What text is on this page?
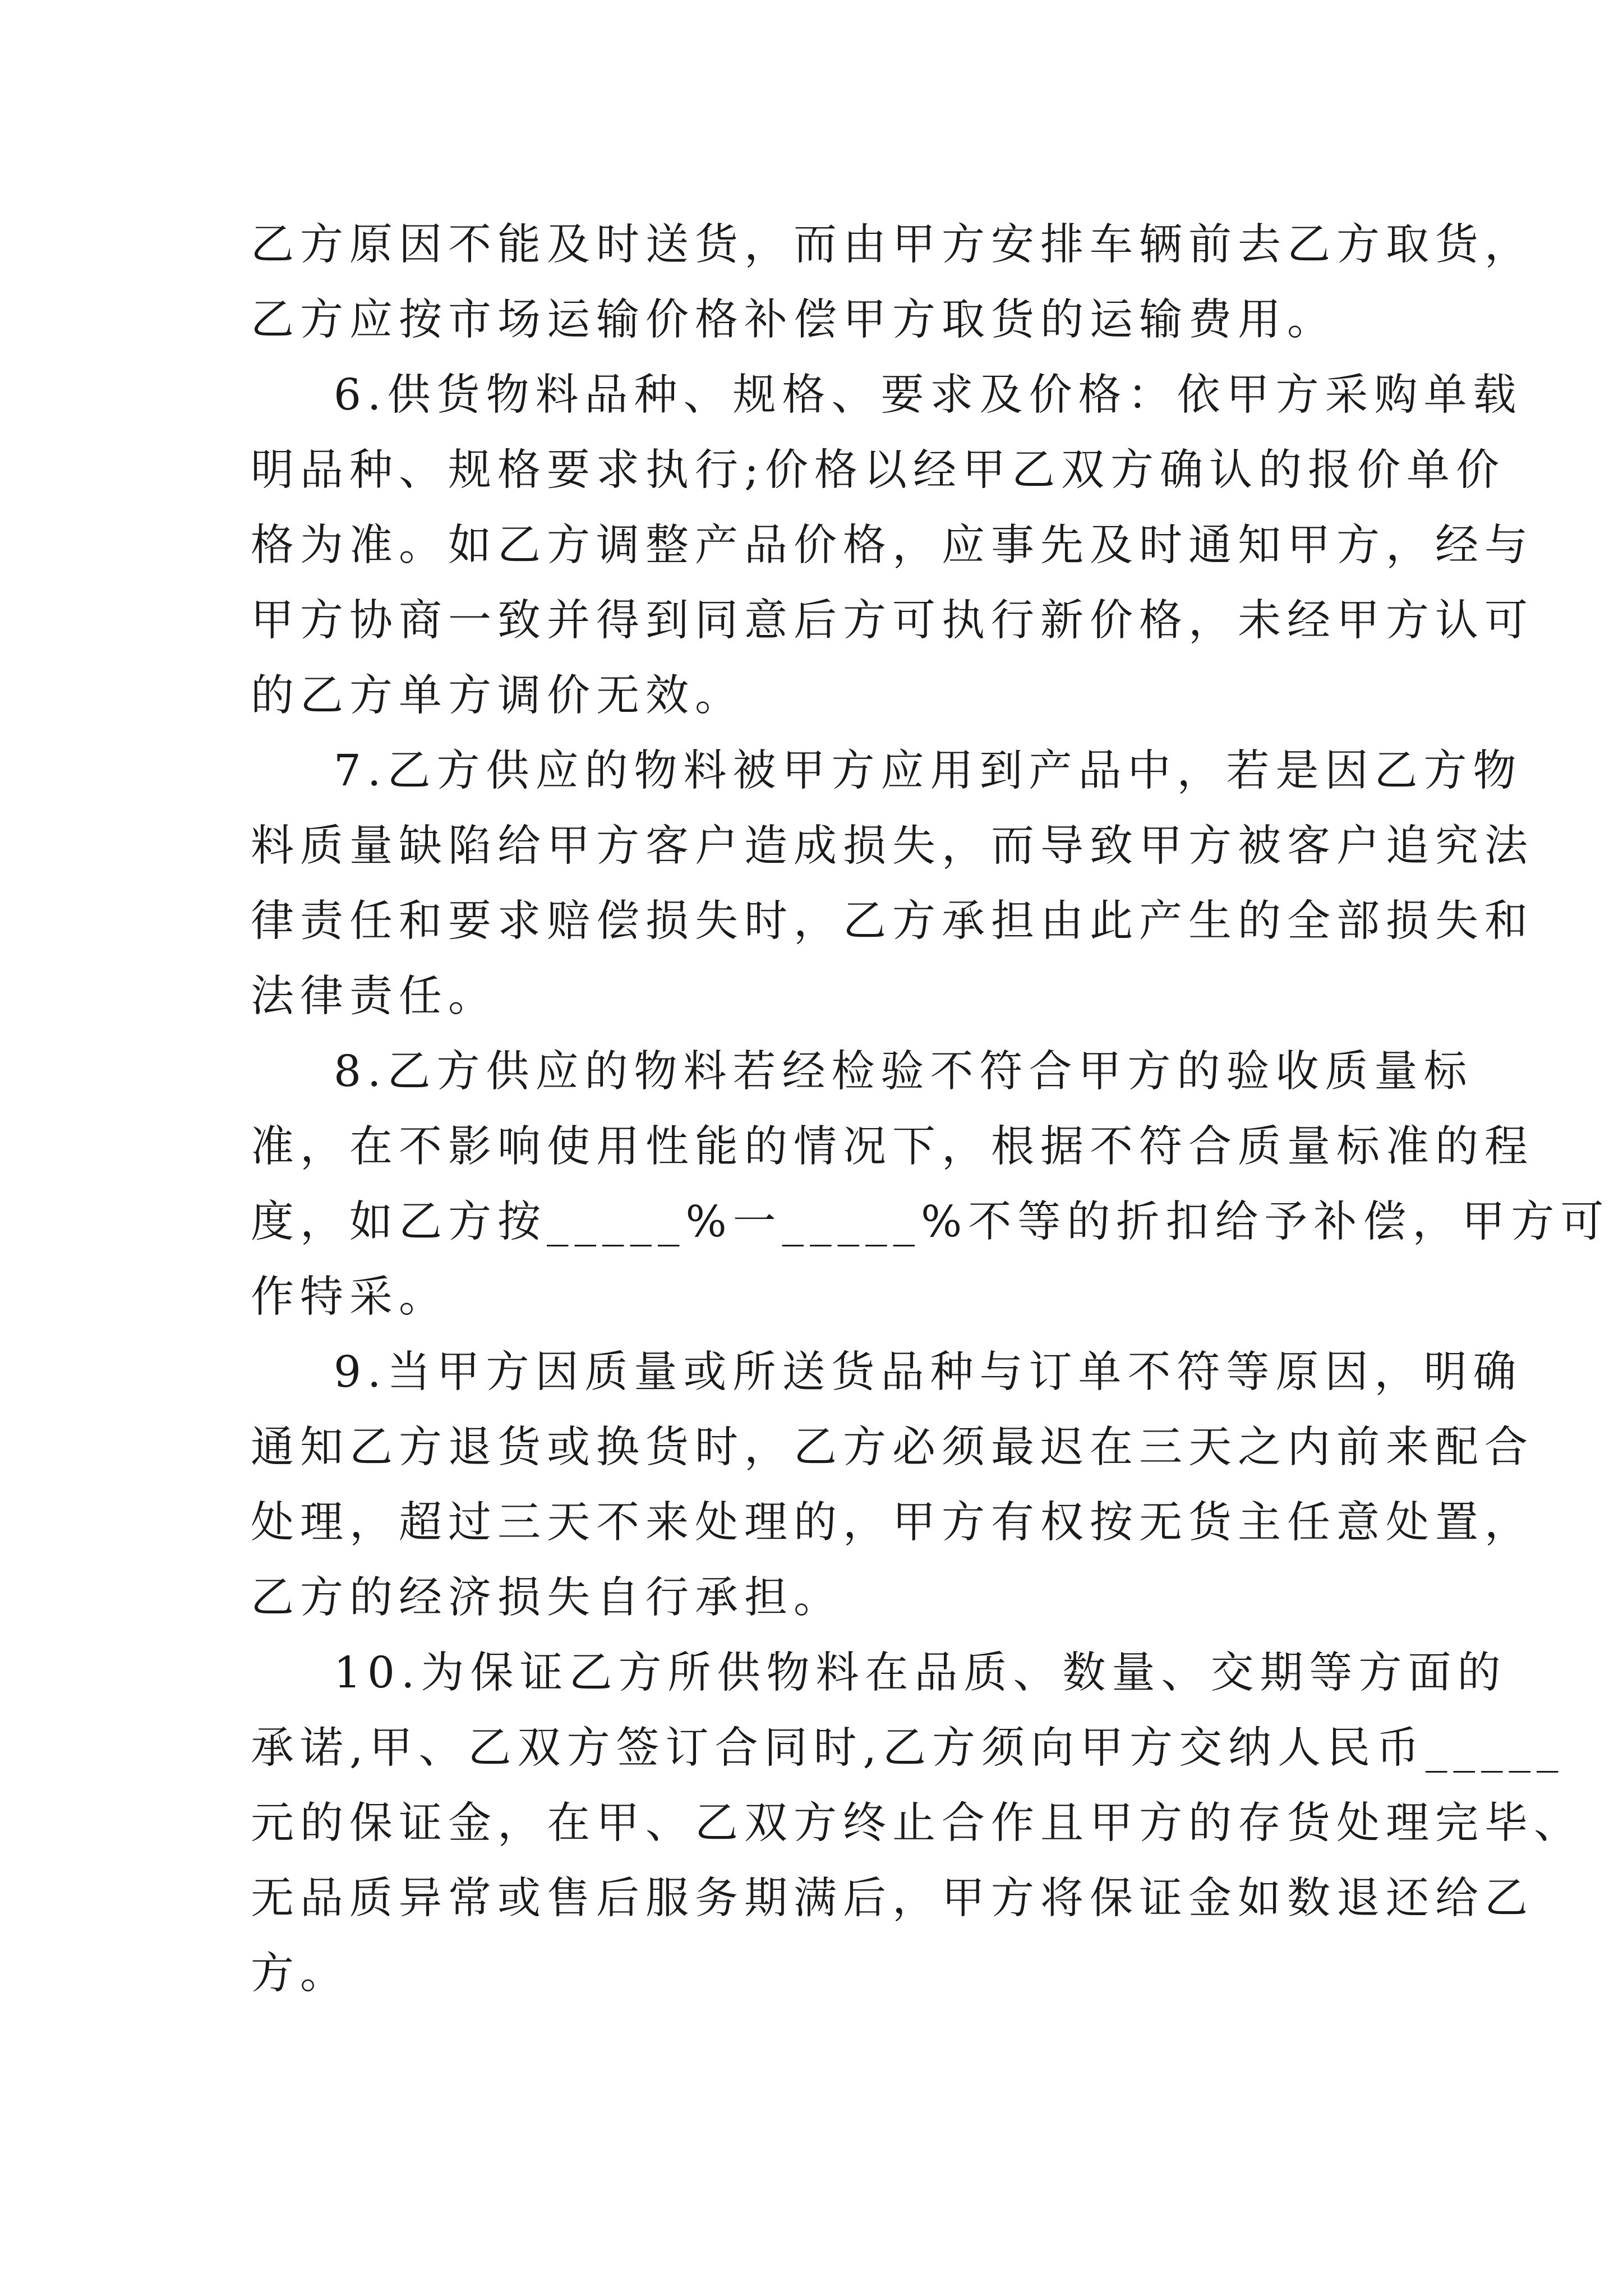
乙方原因不能及时送货，而由甲方安排车辆前去乙方取货，
乙方应按市场运输价格补偿甲方取货的运输费用。
6.供货物料品种、规格、要求及价格：依甲方采购单载
明品种、规格要求执行;价格以经甲乙双方确认的报价单价
格为准。如乙方调整产品价格，应事先及时通知甲方，经与
甲方协商一致并得到同意后方可执行新价格，未经甲方认可
的乙方单方调价无效。
7.乙方供应的物料被甲方应用到产品中，若是因乙方物
料质量缺陷给甲方客户造成损失，而导致甲方被客户追究法
律责任和要求赔偿损失时，乙方承担由此产生的全部损失和
法律责任。
8.乙方供应的物料若经检验不符合甲方的验收质量标
准，在不影响使用性能的情况下，根据不符合质量标准的程
度，如乙方按_____%一_____%不等的折扣给予补偿，甲方可
作特采。
9.当甲方因质量或所送货品种与订单不符等原因，明确
通知乙方退货或换货时，乙方必须最迟在三天之内前来配合
处理，超过三天不来处理的，甲方有权按无货主任意处置，
乙方的经济损失自行承担。
10.为保证乙方所供物料在品质、数量、交期等方面的
承诺,甲、乙双方签订合同时,乙方须向甲方交纳人民币_____
元的保证金，在甲、乙双方终止合作且甲方的存货处理完毕、
无品质异常或售后服务期满后，甲方将保证金如数退还给乙
方。
